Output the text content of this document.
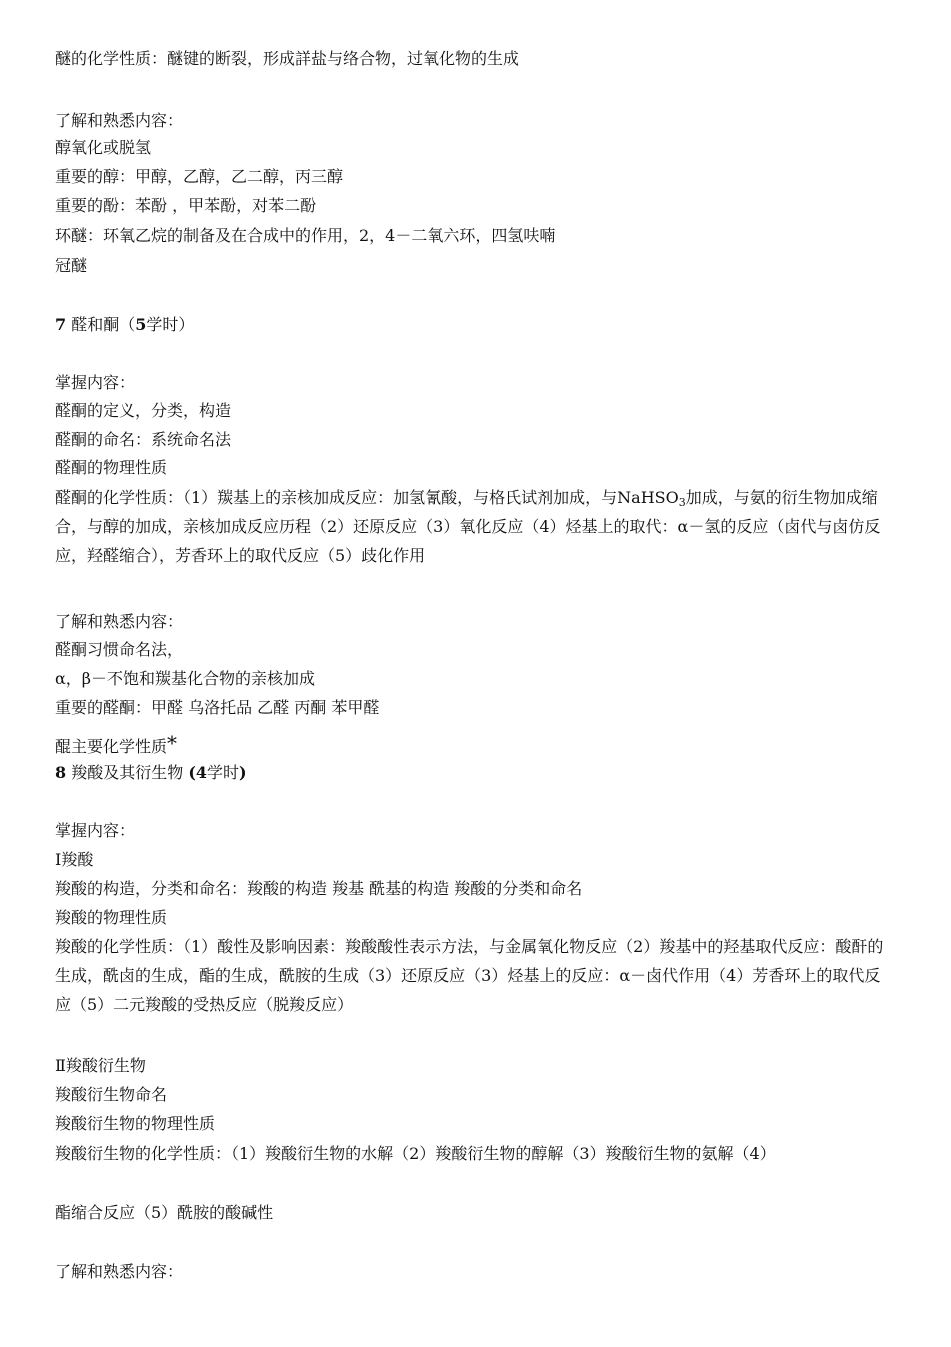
醚的化学性质：醚键的断裂，形成詳盐与络合物，过氧化物的生成
了解和熟悉内容：
醇氧化或脱氢
重要的醇：甲醇，乙醇，乙二醇，丙三醇
重要的酚：苯酚 ，甲苯酚，对苯二酚
环醚：环氧乙烷的制备及在合成中的作用，2，4－二氧六环，四氢呋喃
冠醚
7 醛和酮（5学时）
掌握内容：
醛酮的定义，分类，构造
醛酮的命名：系统命名法
醛酮的物理性质
醛酮的化学性质：（1）羰基上的亲核加成反应：加氢氰酸，与格氏试剂加成，与NaHSO$_3$加成，与氨的衍生物加成缩合，与醇的加成，亲核加成反应历程（2）还原反应（3）氧化反应（4）烃基上的取代：α－氢的反应（卤代与卤仿反应，羟醛缩合），芳香环上的取代反应（5）歧化作用
了解和熟悉内容：
醛酮习惯命名法，
α，β－不饱和羰基化合物的亲核加成
重要的醛酮：甲醛 乌洛托品 乙醛 丙酮 苯甲醛
醌主要化学性质*
8 羧酸及其衍生物 (4学时)
掌握内容：
Ⅰ羧酸
羧酸的构造，分类和命名：羧酸的构造 羧基 酰基的构造 羧酸的分类和命名
羧酸的物理性质
羧酸的化学性质：（1）酸性及影响因素：羧酸酸性表示方法，与金属氧化物反应（2）羧基中的羟基取代反应：酸酐的生成，酰卤的生成，酯的生成，酰胺的生成（3）还原反应（3）烃基上的反应：α－卤代作用（4）芳香环上的取代反应（5）二元羧酸的受热反应（脱羧反应）
Ⅱ羧酸衍生物
羧酸衍生物命名
羧酸衍生物的物理性质
羧酸衍生物的化学性质：（1）羧酸衍生物的水解（2）羧酸衍生物的醇解（3）羧酸衍生物的氨解（4）
酯缩合反应（5）酰胺的酸碱性
了解和熟悉内容：
